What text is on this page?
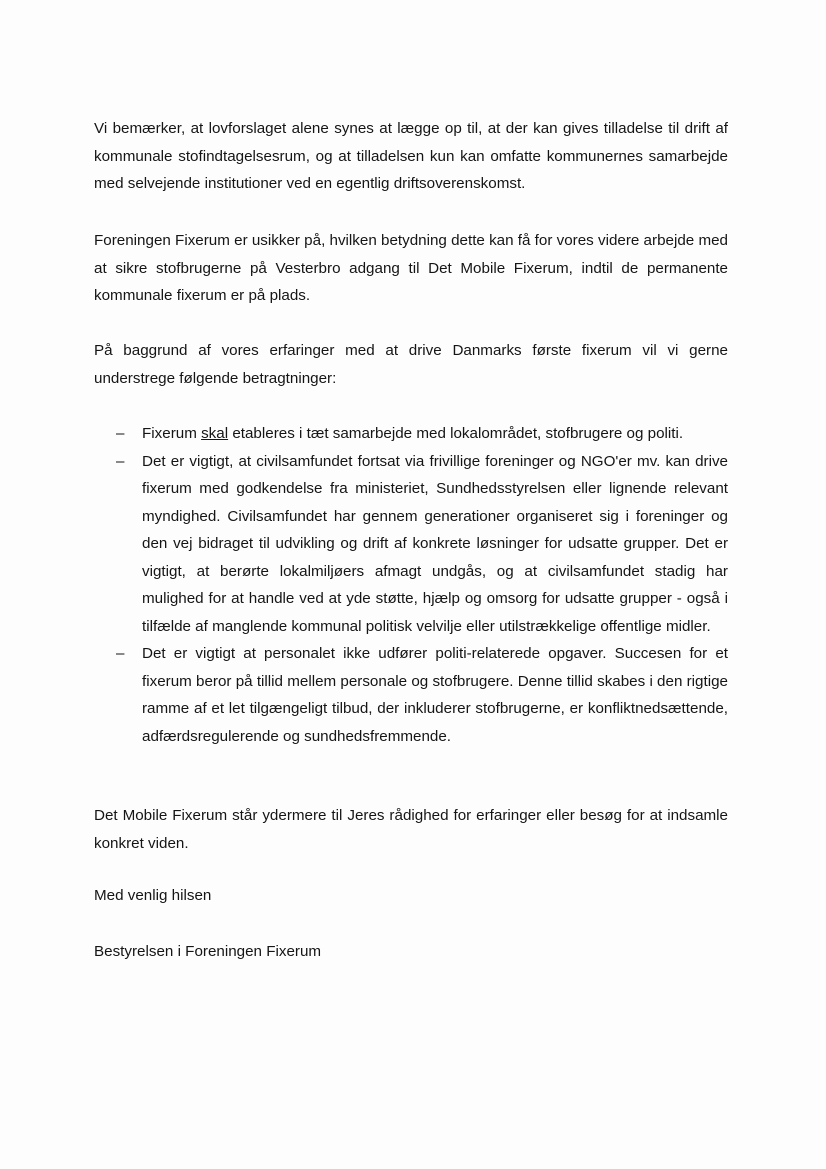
Vi bemærker, at lovforslaget alene synes at lægge op til, at der kan gives tilladelse til drift af kommunale stofindtagelsesrum, og at tilladelsen kun kan omfatte kommunernes samarbejde med selvejende institutioner ved en egentlig driftsoverenskomst.

Foreningen Fixerum er usikker på, hvilken betydning dette kan få for vores videre arbejde med at sikre stofbrugerne på Vesterbro adgang til Det Mobile Fixerum, indtil de permanente kommunale fixerum er på plads.

På baggrund af vores erfaringer med at drive Danmarks første fixerum vil vi gerne understrege følgende betragtninger:

– Fixerum skal etableres i tæt samarbejde med lokalområdet, stofbrugere og politi.
– Det er vigtigt, at civilsamfundet fortsat via frivillige foreninger og NGO'er mv. kan drive fixerum med godkendelse fra ministeriet, Sundhedsstyrelsen eller lignende relevant myndighed. Civilsamfundet har gennem generationer organiseret sig i foreninger og den vej bidraget til udvikling og drift af konkrete løsninger for udsatte grupper. Det er vigtigt, at berørte lokalmiljøers afmagt undgås, og at civilsamfundet stadig har mulighed for at handle ved at yde støtte, hjælp og omsorg for udsatte grupper - også i tilfælde af manglende kommunal politisk velvilje eller utilstrækkelige offentlige midler.
– Det er vigtigt at personalet ikke udfører politi-relaterede opgaver. Succesen for et fixerum beror på tillid mellem personale og stofbrugere. Denne tillid skabes i den rigtige ramme af et let tilgængeligt tilbud, der inkluderer stofbrugerne, er konfliktnedsættende, adfærdsregulerende og sundhedsfremmende.

Det Mobile Fixerum står ydermere til Jeres rådighed for erfaringer eller besøg for at indsamle konkret viden.

Med venlig hilsen

Bestyrelsen i Foreningen Fixerum
